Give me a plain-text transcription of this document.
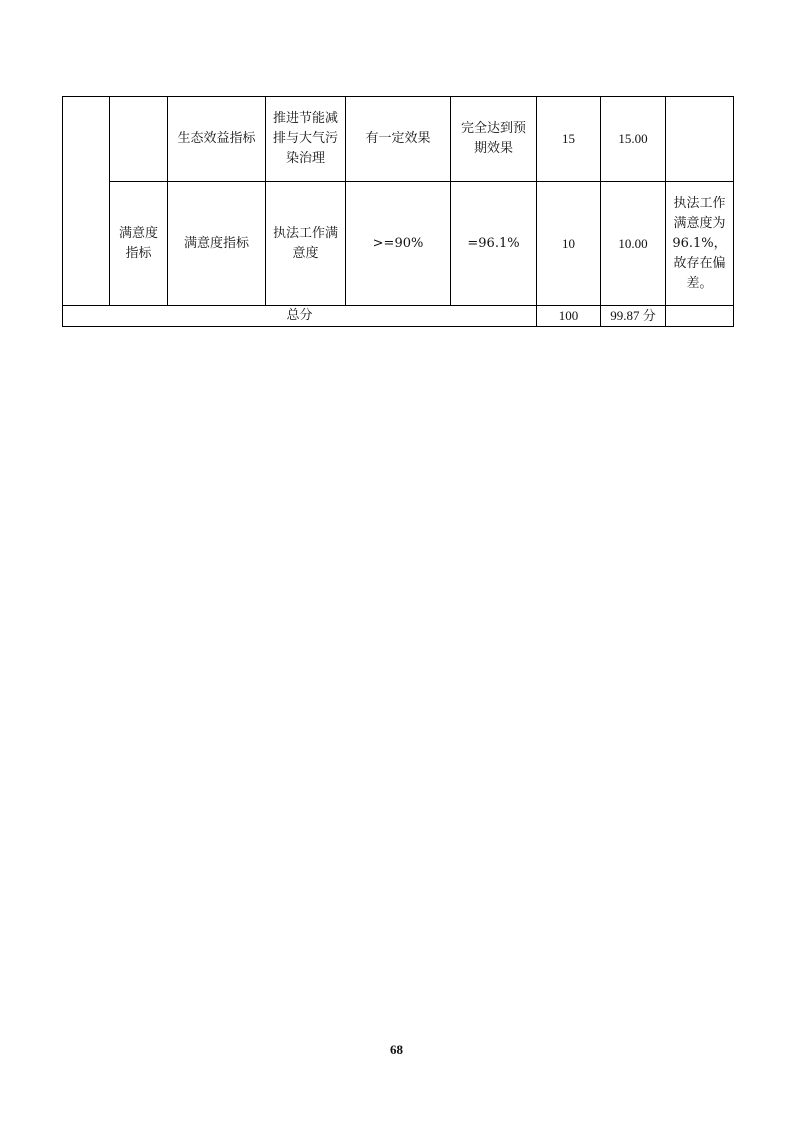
		生态效益指标	推进节能减排与大气污染治理	有一定效果	完全达到预期效果	15	15.00	
	满意度指标	满意度指标	执法工作满意度	>=90%	=96.1%	10	10.00	执法工作满意度为96.1%，故存在偏差。
总分						100	99.87 分	
68
